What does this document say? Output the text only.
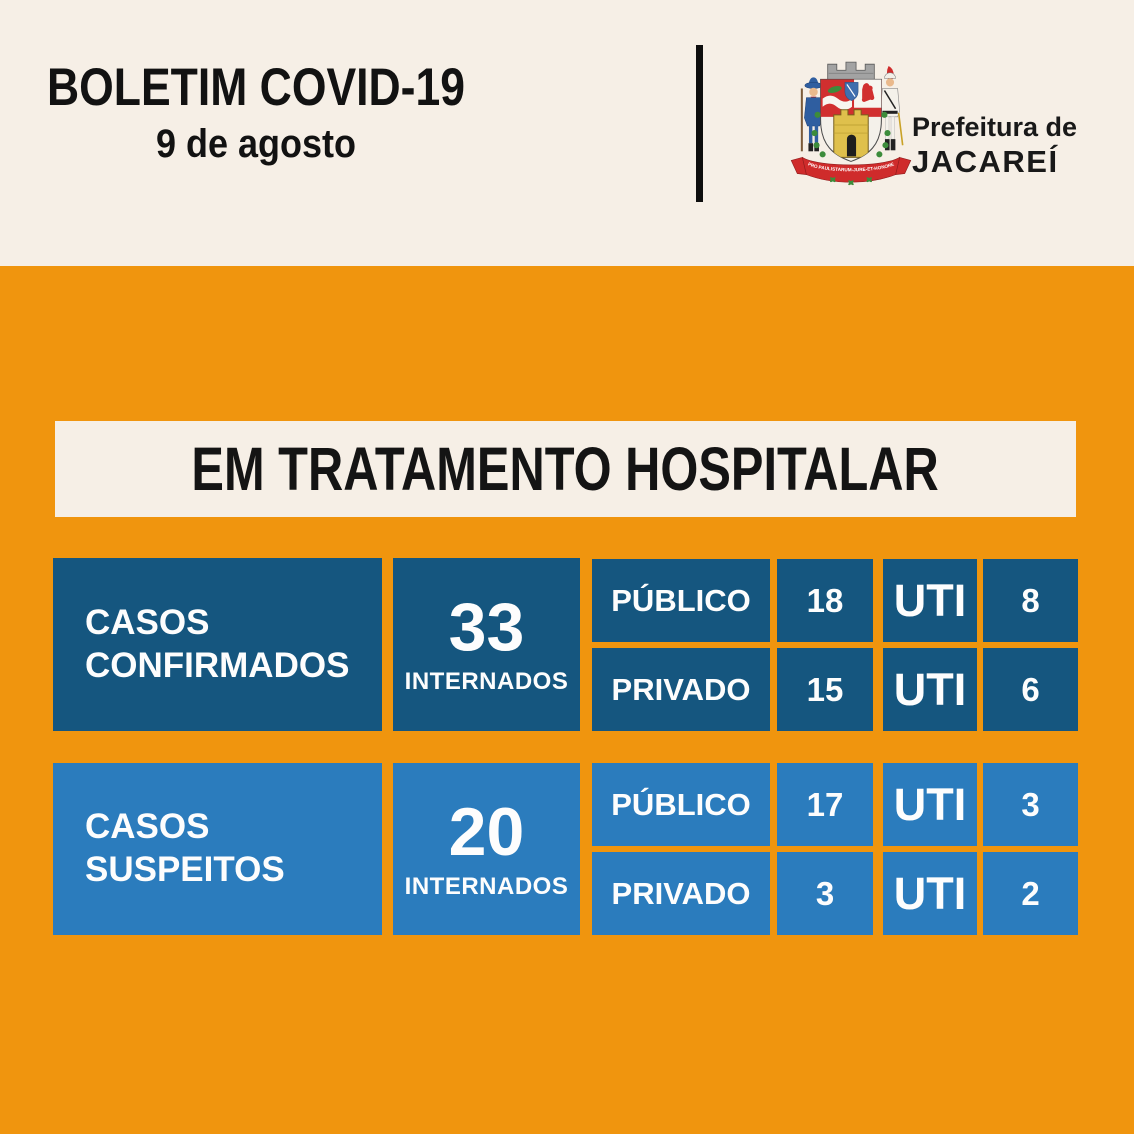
BOLETIM COVID-19
9 de agosto	PRO PAULISTARUM-JURE-ET-HONORE
Prefeitura de
JACAREÍ
EM TRATAMENTO HOSPITALAR
CASOS
CONFIRMADOS 33
INTERNADOS
PÚBLICO	18	UTI	8
PRIVADO	15	UTI	6
CASOS
SUSPEITOS 20
INTERNADOS
PÚBLICO	17	UTI	3
PRIVADO	3	UTI	2
